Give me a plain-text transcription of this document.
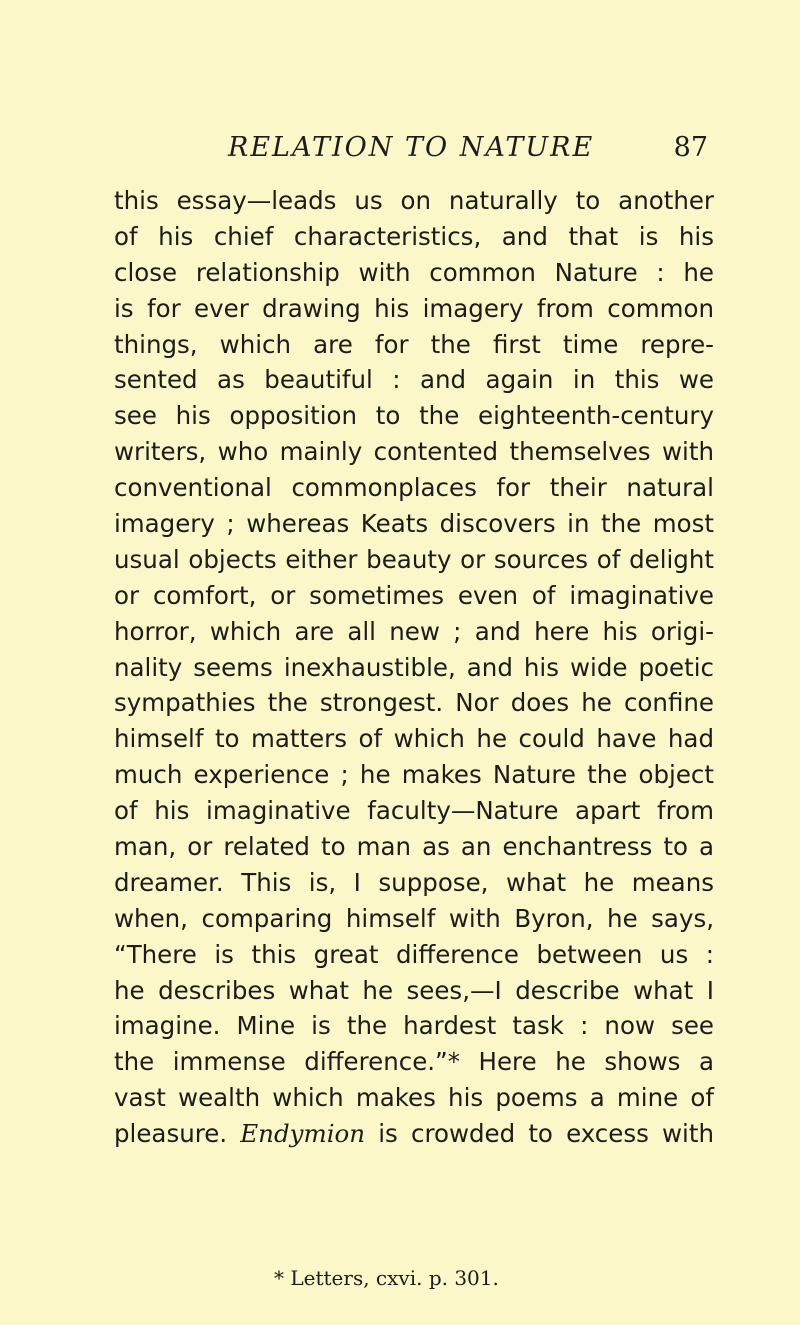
RELATION TO NATURE	87
this essay—leads us on naturally to another
of his chief characteristics, and that is his
close relationship with common Nature : he
is for ever drawing his imagery from common
things, which are for the first time repre-
sented as beautiful : and again in this we
see his opposition to the eighteenth-century
writers, who mainly contented themselves with
conventional commonplaces for their natural
imagery ; whereas Keats discovers in the most
usual objects either beauty or sources of delight
or comfort, or sometimes even of imaginative
horror, which are all new ; and here his origi-
nality seems inexhaustible, and his wide poetic
sympathies the strongest. Nor does he confine
himself to matters of which he could have had
much experience ; he makes Nature the object
of his imaginative faculty—Nature apart from
man, or related to man as an enchantress to a
dreamer. This is, I suppose, what he means
when, comparing himself with Byron, he says,
“There is this great difference between us :
he describes what he sees,—I describe what I
imagine. Mine is the hardest task : now see
the immense difference.”* Here he shows a
vast wealth which makes his poems a mine of
pleasure. Endymion is crowded to excess with
* Letters, cxvi. p. 301.
